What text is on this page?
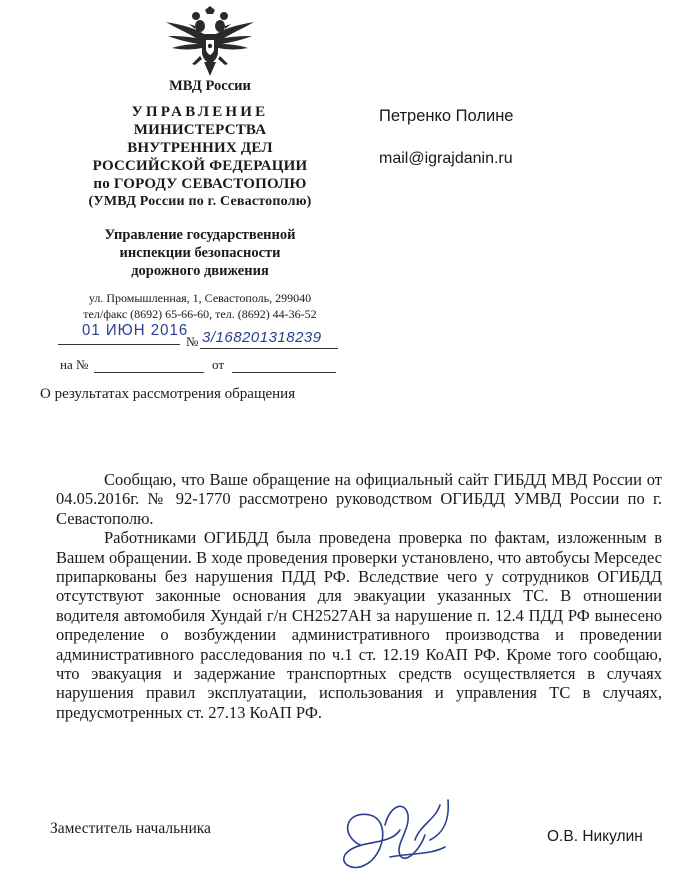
МВД России
УПРАВЛЕНИЕ
МИНИСТЕРСТВА
ВНУТРЕННИХ ДЕЛ
РОССИЙСКОЙ ФЕДЕРАЦИИ
по ГОРОДУ СЕВАСТОПОЛЮ
(УМВД России по г. Севастополю)
Управление государственной
инспекции безопасности
дорожного движения
ул. Промышленная, 1, Севастополь, 299040
тел/факс (8692) 65-66-60, тел. (8692) 44-36-52
01 ИЮН 2016
№ 3/168201318239
на №	от
О результатах рассмотрения обращения
Петренко Полине
mail@igrajdanin.ru

Сообщаю, что Ваше обращение на официальный сайт ГИБДД МВД России от 04.05.2016г. № 92-1770 рассмотрено руководством ОГИБДД УМВД России по г. Севастополю.

Работниками ОГИБДД была проведена проверка по фактам, изложенным в Вашем обращении. В ходе проведения проверки установлено, что автобусы Мерседес припаркованы без нарушения ПДД РФ. Вследствие чего у сотрудников ОГИБДД отсутствуют законные основания для эвакуации указанных ТС. В отношении водителя автомобиля Хундай г/н СН2527АН за нарушение п. 12.4 ПДД РФ вынесено определение о возбуждении административного производства и проведении административного расследования по ч.1 ст. 12.19 КоАП РФ. Кроме того сообщаю, что эвакуация и задержание транспортных средств осуществляется в случаях нарушения правил эксплуатации, использования и управления ТС в случаях, предусмотренных ст. 27.13 КоАП РФ.

Заместитель начальника	О.В. Никулин
